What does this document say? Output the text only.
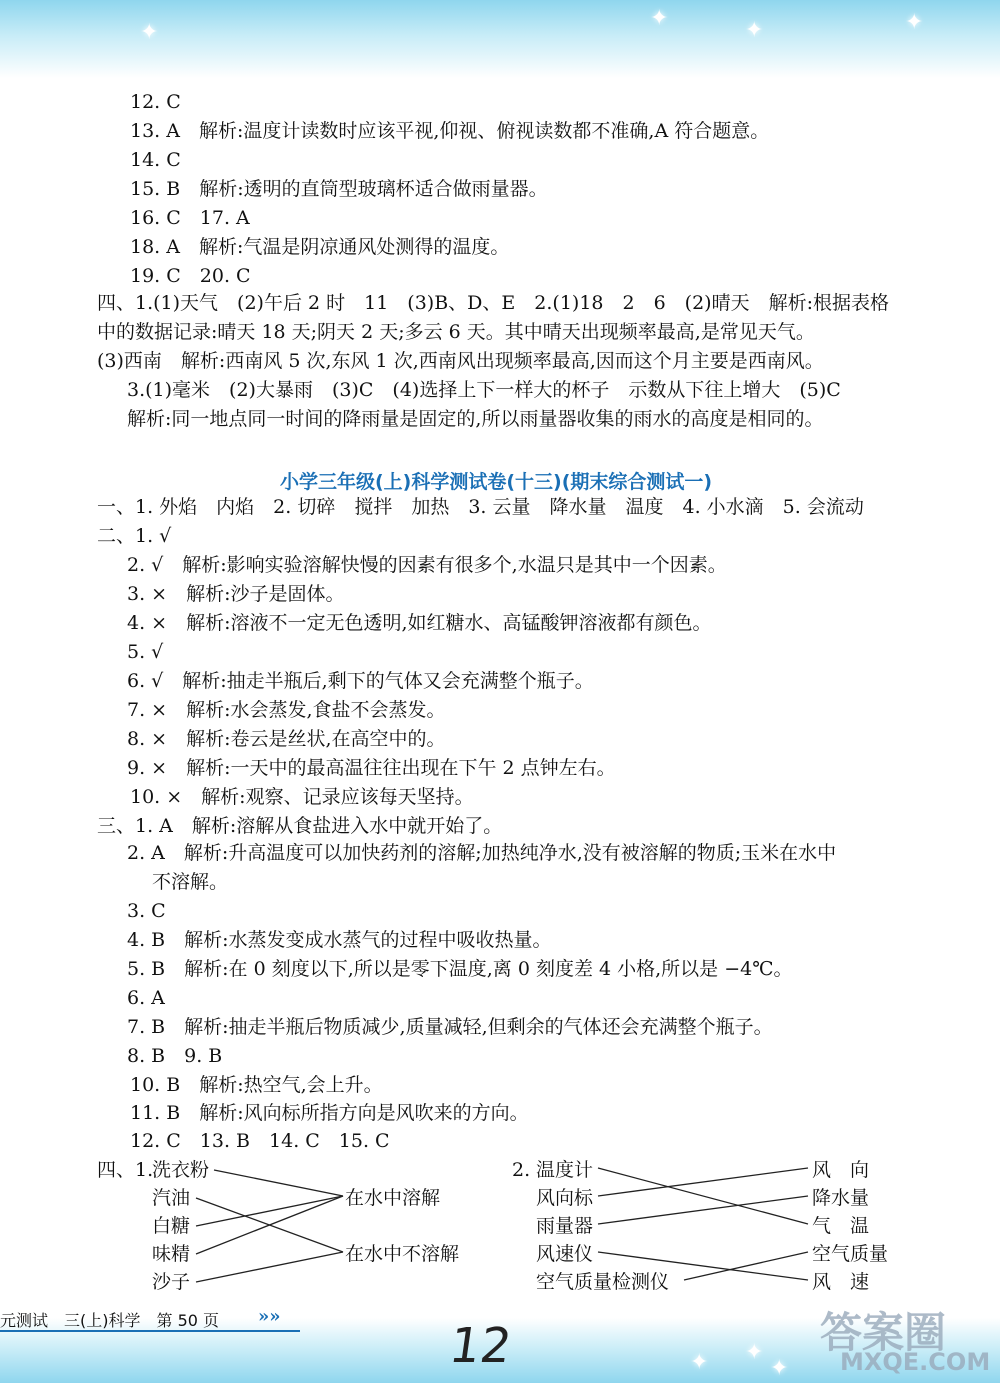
✦
✦	✦	✦
12. C
13. A　解析:温度计读数时应该平视,仰视、俯视读数都不准确,A 符合题意。
14. C
15. B　解析:透明的直筒型玻璃杯适合做雨量器。
16. C　17. A
18. A　解析:气温是阴凉通风处测得的温度。
19. C　20. C
四、1.(1)天气　(2)午后 2 时　11　(3)B、D、E　2.(1)18　2　6　(2)晴天　解析:根据表格
中的数据记录:晴天 18 天;阴天 2 天;多云 6 天。其中晴天出现频率最高,是常见天气。
(3)西南　解析:西南风 5 次,东风 1 次,西南风出现频率最高,因而这个月主要是西南风。
3.(1)毫米　(2)大暴雨　(3)C　(4)选择上下一样大的杯子　示数从下往上增大　(5)C
解析:同一地点同一时间的降雨量是固定的,所以雨量器收集的雨水的高度是相同的。
小学三年级(上)科学测试卷(十三)(期末综合测试一)
一、1. 外焰　内焰　2. 切碎　搅拌　加热　3. 云量　降水量　温度　4. 小水滴　5. 会流动
二、1. √
2. √　解析:影响实验溶解快慢的因素有很多个,水温只是其中一个因素。
3. ×　解析:沙子是固体。
4. ×　解析:溶液不一定无色透明,如红糖水、高锰酸钾溶液都有颜色。
5. √
6. √　解析:抽走半瓶后,剩下的气体又会充满整个瓶子。
7. ×　解析:水会蒸发,食盐不会蒸发。
8. ×　解析:卷云是丝状,在高空中的。
9. ×　解析:一天中的最高温往往出现在下午 2 点钟左右。
10. ×　解析:观察、记录应该每天坚持。
三、1. A　解析:溶解从食盐进入水中就开始了。
2. A　解析:升高温度可以加快药剂的溶解;加热纯净水,没有被溶解的物质;玉米在水中
不溶解。
3. C
4. B　解析:水蒸发变成水蒸气的过程中吸收热量。
5. B　解析:在 0 刻度以下,所以是零下温度,离 0 刻度差 4 小格,所以是 −4℃。
6. A
7. B　解析:抽走半瓶后物质减少,质量减轻,但剩余的气体还会充满整个瓶子。
8. B　9. B
10. B　解析:热空气,会上升。
11. B　解析:风向标所指方向是风吹来的方向。
12. C　13. B　14. C　15. C
四、1.
洗衣粉
汽油
白糖
味精
沙子
在水中溶解
在水中不溶解
2. 温度计
风向标
雨量器
风速仪
空气质量检测仪
风　向
降水量
气　温
空气质量
风　速
✦
✦
✦
元测试　三(上)科学　第 50 页 »»
12	答案圈
MXQE.COM
